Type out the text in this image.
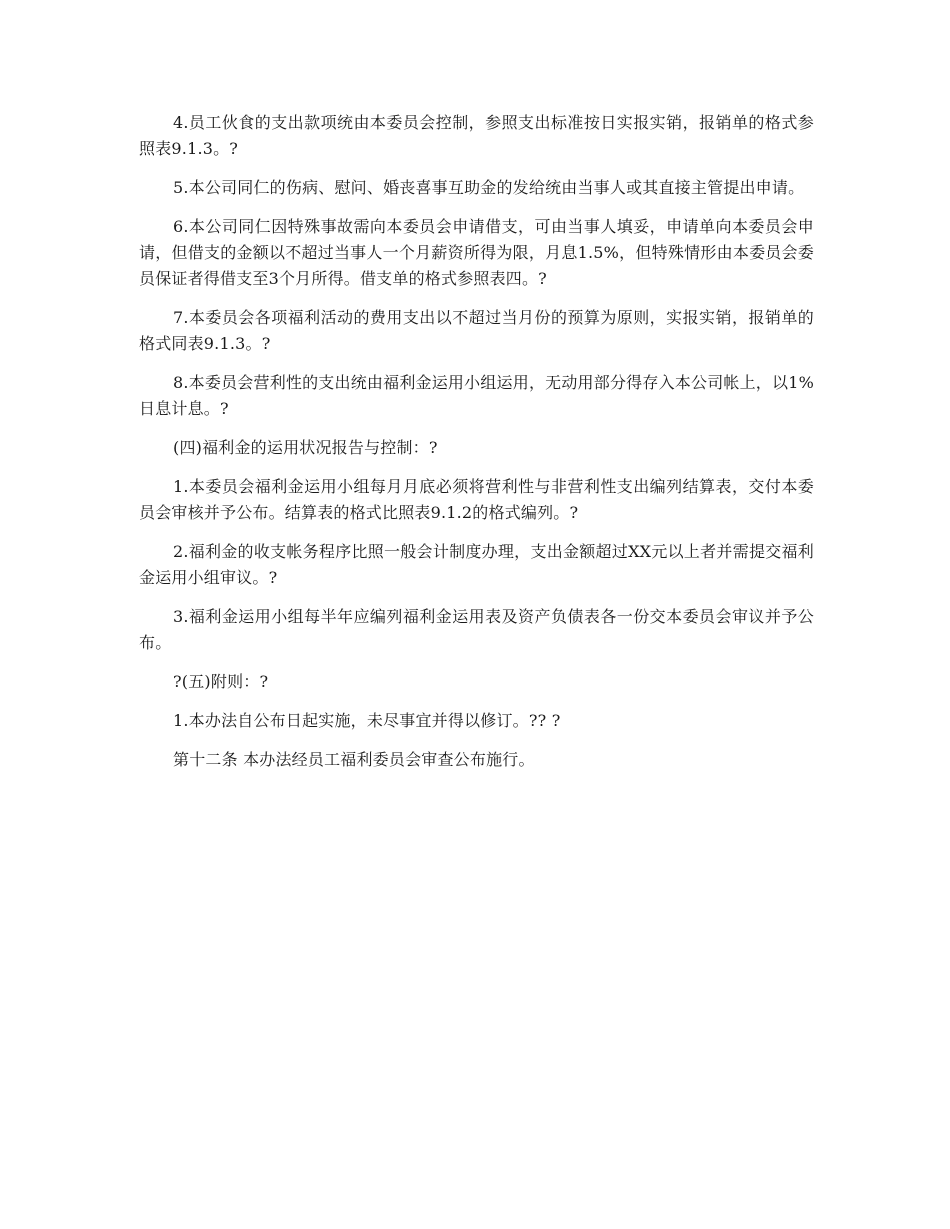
4.员工伙食的支出款项统由本委员会控制，参照支出标准按日实报实销，报销单的格式参照表9.1.3。?

5.本公司同仁的伤病、慰问、婚丧喜事互助金的发给统由当事人或其直接主管提出申请。

6.本公司同仁因特殊事故需向本委员会申请借支，可由当事人填妥，申请单向本委员会申请，但借支的金额以不超过当事人一个月薪资所得为限，月息1.5%，但特殊情形由本委员会委员保证者得借支至3个月所得。借支单的格式参照表四。?

7.本委员会各项福利活动的费用支出以不超过当月份的预算为原则，实报实销，报销单的格式同表9.1.3。?

8.本委员会营利性的支出统由福利金运用小组运用，无动用部分得存入本公司帐上，以1%日息计息。?

(四)福利金的运用状况报告与控制：?

1.本委员会福利金运用小组每月月底必须将营利性与非营利性支出编列结算表，交付本委员会审核并予公布。结算表的格式比照表9.1.2的格式编列。?

2.福利金的收支帐务程序比照一般会计制度办理，支出金额超过XX元以上者并需提交福利金运用小组审议。?

3.福利金运用小组每半年应编列福利金运用表及资产负债表各一份交本委员会审议并予公布。

?(五)附则：?

1.本办法自公布日起实施，未尽事宜并得以修订。?? ?

第十二条 本办法经员工福利委员会审查公布施行。
